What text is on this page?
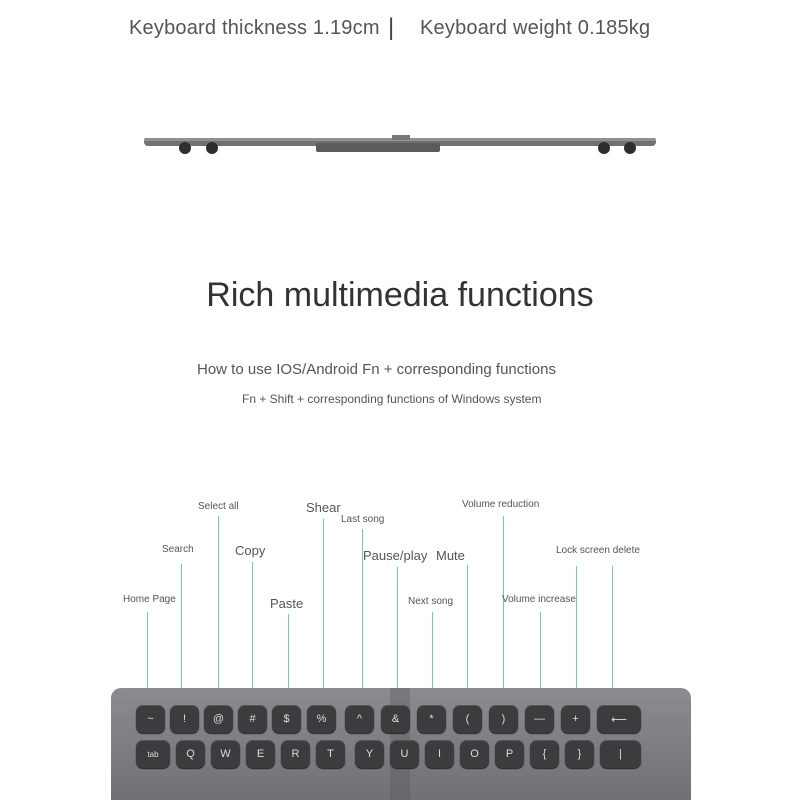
Keyboard thickness 1.19cm | Keyboard weight 0.185kg
Rich multimedia functions
How to use IOS/Android Fn + corresponding functions
Fn + Shift + corresponding functions of Windows system
Home Page
Search
Select all
Copy
Paste
Shear
Last song
Pause/play
Next song
Mute
Volume reduction
Volume increase
Lock screen delete
~	! @ #	$ %	^	&	*	(	)	— +	⟵
tab	Q W E R	T	Y U	I	O P	{	}	|
